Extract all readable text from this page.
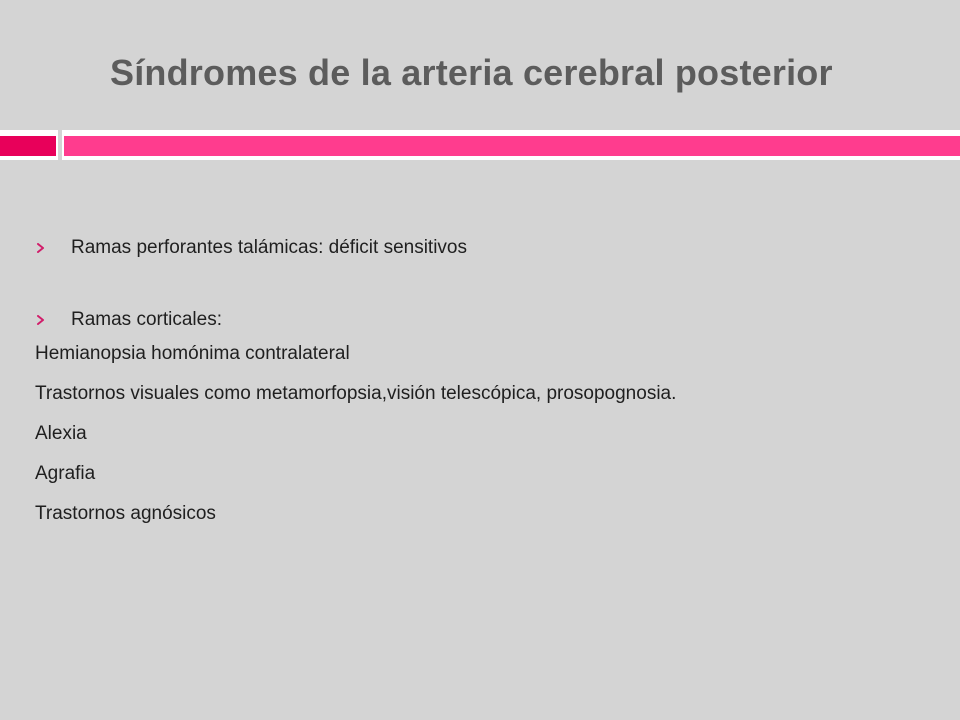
Síndromes de la arteria cerebral posterior
Ramas perforantes talámicas: déficit sensitivos
Ramas corticales:
Hemianopsia homónima contralateral
Trastornos visuales como metamorfopsia,visión telescópica, prosopognosia.
Alexia
Agrafia
Trastornos agnósicos
